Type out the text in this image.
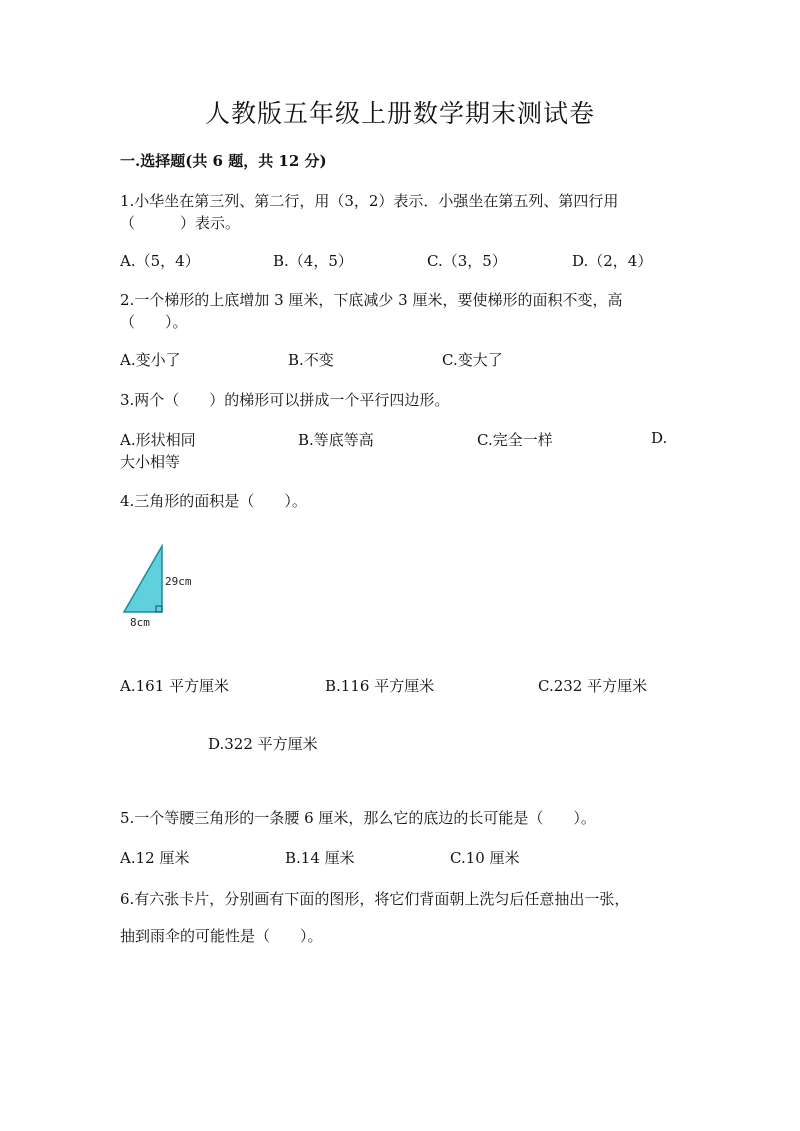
人教版五年级上册数学期末测试卷
一.选择题(共 6 题，共 12 分)
1.小华坐在第三列、第二行，用（3，2）表示．小强坐在第五列、第四行用
（　　　）表示。
A.（5，4）	B.（4，5）	C.（3，5）	D.（2，4）
2.一个梯形的上底增加 3 厘米，下底减少 3 厘米，要使梯形的面积不变，高
（　　）。
A.变小了	B.不变	C.变大了
3.两个（　　）的梯形可以拼成一个平行四边形。
A.形状相同	B.等底等高	C.完全一样	D.
大小相等
4.三角形的面积是（　　）。
29cm
8cm
A.161 平方厘米	B.116 平方厘米	C.232 平方厘米
D.322 平方厘米
5.一个等腰三角形的一条腰 6 厘米，那么它的底边的长可能是（　　）。
A.12 厘米	B.14 厘米	C.10 厘米
6.有六张卡片，分别画有下面的图形，将它们背面朝上洗匀后任意抽出一张，
抽到雨伞的可能性是（　　）。
